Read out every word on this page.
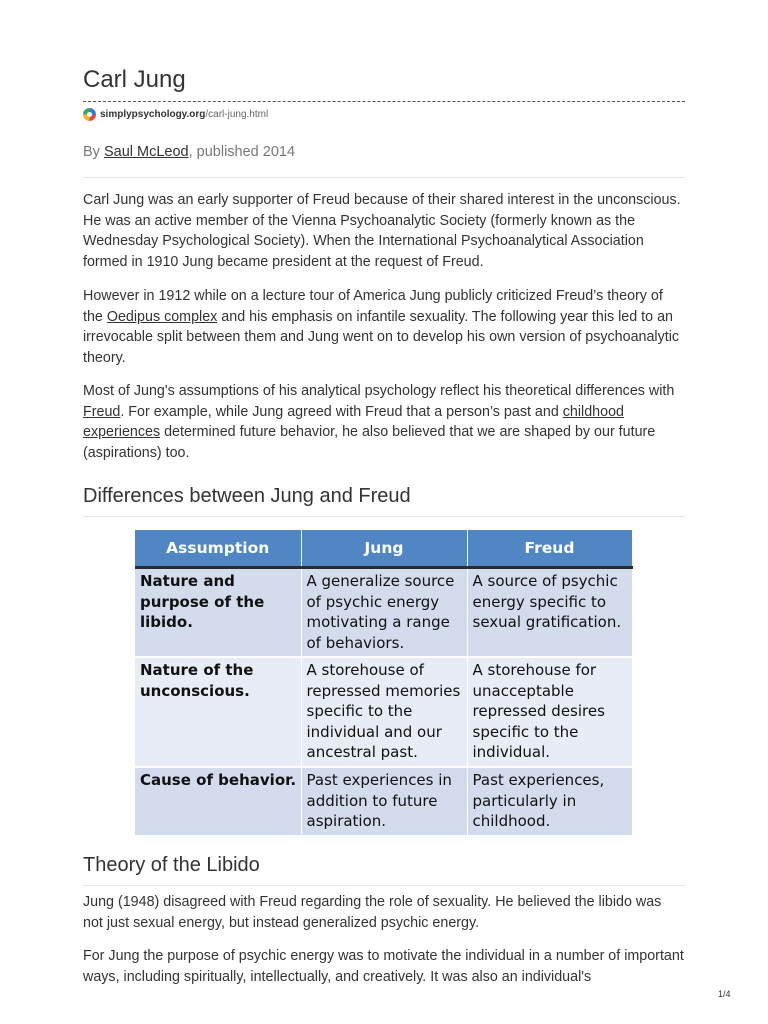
Carl Jung
simplypsychology.org /carl-jung.html
By Saul McLeod, published 2014

Carl Jung was an early supporter of Freud because of their shared interest in the unconscious. He was an active member of the Vienna Psychoanalytic Society (formerly known as the Wednesday Psychological Society). When the International Psychoanalytical Association formed in 1910 Jung became president at the request of Freud.

However in 1912 while on a lecture tour of America Jung publicly criticized Freud’s theory of the Oedipus complex and his emphasis on infantile sexuality. The following year this led to an irrevocable split between them and Jung went on to develop his own version of psychoanalytic theory.

Most of Jung's assumptions of his analytical psychology reflect his theoretical differences with Freud. For example, while Jung agreed with Freud that a person’s past and childhood experiences determined future behavior, he also believed that we are shaped by our future (aspirations) too.

Differences between Jung and Freud
Theory of the Libido

Jung (1948) disagreed with Freud regarding the role of sexuality. He believed the libido was not just sexual energy, but instead generalized psychic energy.

For Jung the purpose of psychic energy was to motivate the individual in a number of important ways, including spiritually, intellectually, and creatively. It was also an individual's

Assumption	Jung	Freud
Nature and purpose of the libido.	A generalize source of psychic energy motivating a range of behaviors.	A source of psychic energy specific to sexual gratification.
Nature of the unconscious.	A storehouse of repressed memories specific to the individual and our ancestral past.	A storehouse for unacceptable repressed desires specific to the individual.
Cause of behavior.	Past experiences in addition to future aspiration.	Past experiences, particularly in childhood.
1/4
